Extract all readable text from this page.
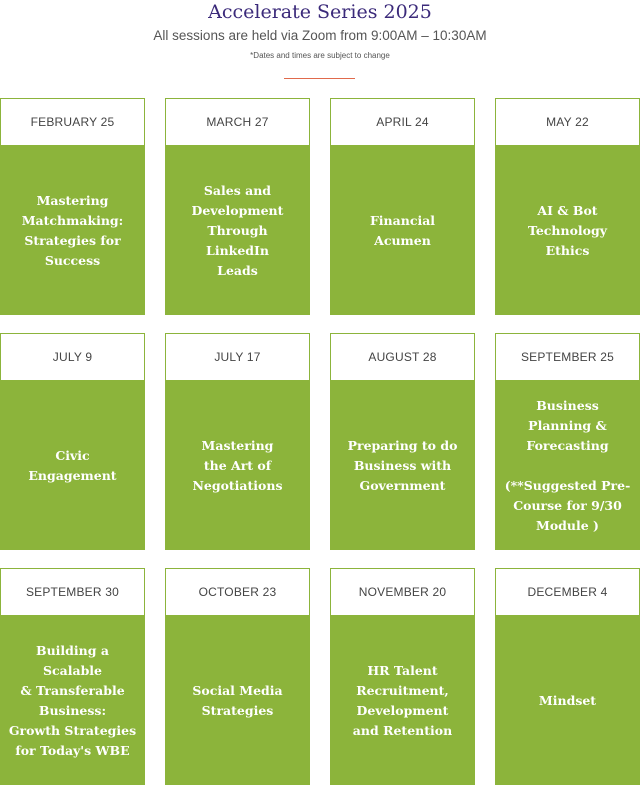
Accelerate Series 2025
All sessions are held via Zoom from 9:00AM – 10:30AM
*Dates and times are subject to change
FEBRUARY 25
Mastering
Matchmaking:
Strategies for
Success
MARCH 27
Sales and
Development
Through
LinkedIn
Leads
APRIL 24
Financial
Acumen
MAY 22
AI & Bot
Technology
Ethics
JULY 9
Civic
Engagement
JULY 17
Mastering
the Art of
Negotiations
AUGUST 28
Preparing to do
Business with
Government
SEPTEMBER 25
Business
Planning &
Forecasting

(**Suggested Pre-
Course for 9/30
Module )
SEPTEMBER 30
Building a Scalable
& Transferable
Business:
Growth Strategies
for Today's WBE
OCTOBER 23
Social Media
Strategies
NOVEMBER 20
HR Talent
Recruitment,
Development
and Retention
DECEMBER 4
Mindset
